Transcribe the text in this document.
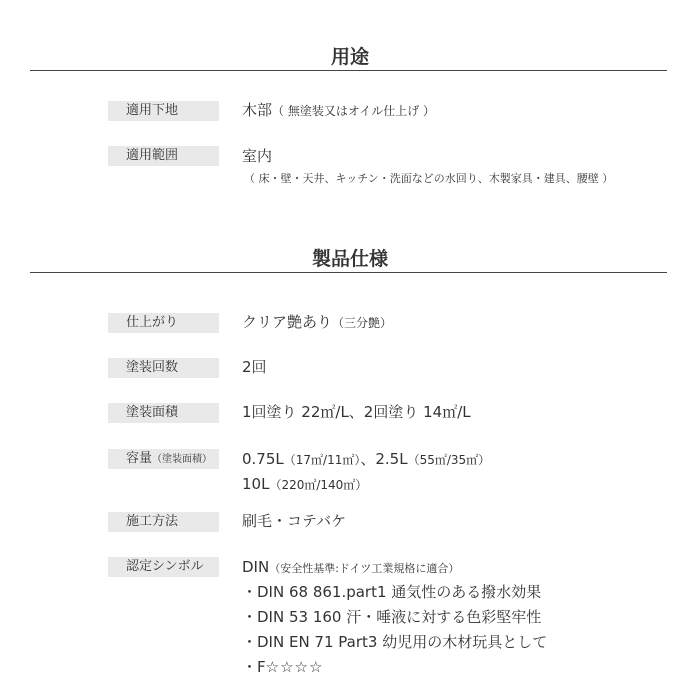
用途
適用下地	木部（ 無塗装又はオイル仕上げ ）
適用範囲	室内
（ 床・壁・天井、キッチン・洗面などの水回り、木製家具・建具、腰壁 ）
製品仕様
仕上がり	クリア艶あり（三分艶）
塗装回数	2回
塗装面積	1回塗り 22㎡/L、2回塗り 14㎡/L
容量（塗装面積）	0.75L（17㎡/11㎡）、2.5L（55㎡/35㎡）
10L（220㎡/140㎡）
施工方法	刷毛・コテバケ
認定シンボル	DIN（安全性基準:ドイツ工業規格に適合）
・DIN 68 861.part1 通気性のある撥水効果
・DIN 53 160 汗・唾液に対する色彩堅牢性
・DIN EN 71 Part3 幼児用の木材玩具として
・F☆☆☆☆
